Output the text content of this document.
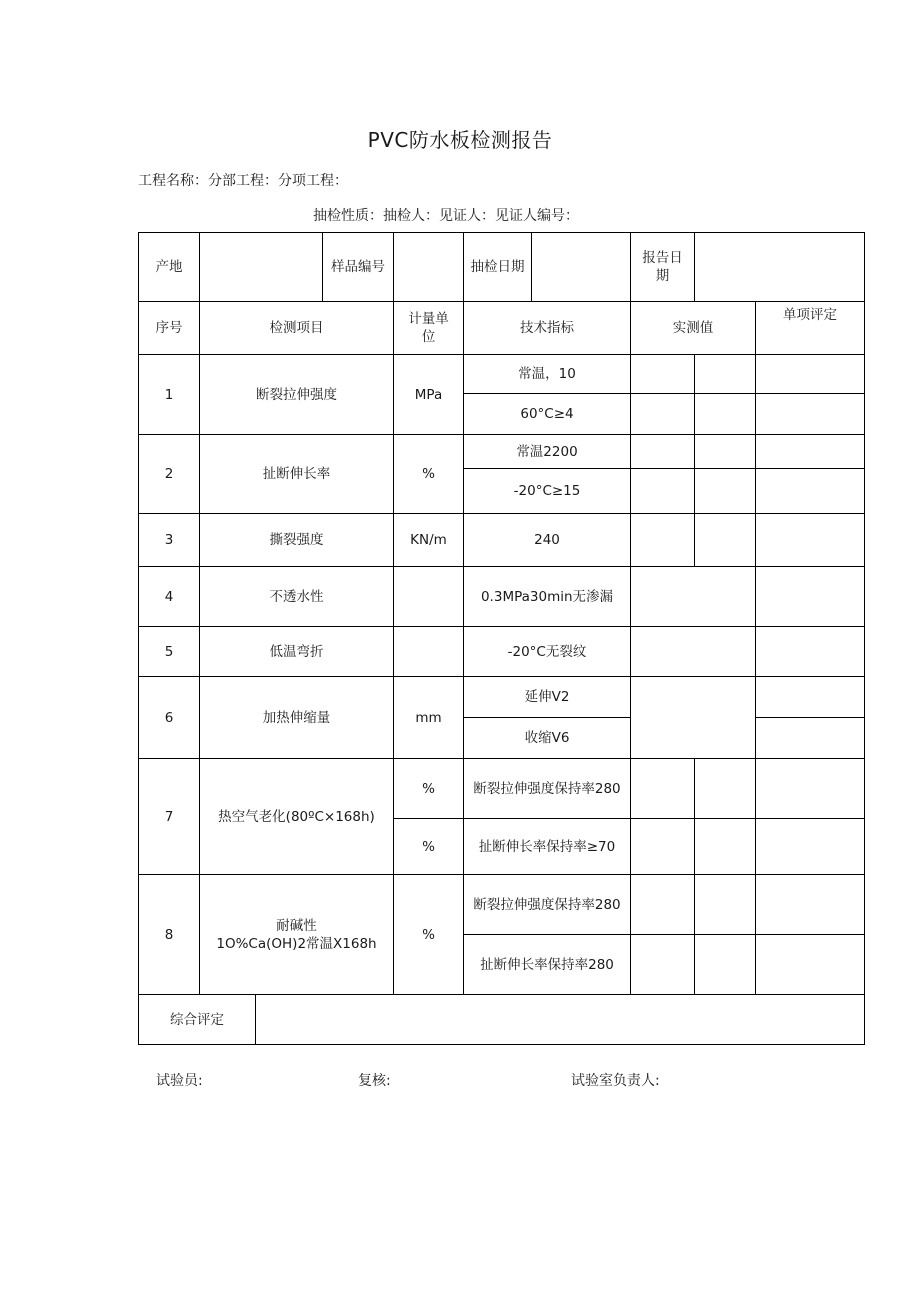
PVC防水板检测报告
工程名称：分部工程：分项工程：
抽检性质：抽检人：见证人：见证人编号：
产地			样品编号		抽检日期		报告日
期		
序号	检测项目			计量单
位	技术指标		实测值		单项评定
1	断裂拉伸强度			MPa	常温，10				
					60°C≥4				
2	扯断伸长率			%	常温2200				
					-20°C≥15				
3	撕裂强度			KN/m	240				
4	不透水性				0.3MPa30min无渗漏				
5	低温弯折				-20°C无裂纹				
6	加热伸缩量			mm	延伸V2				
					收缩V6				
7	热空气老化(80ºC×168h)			%	断裂拉伸强度保持率280				
				%	扯断伸长率保持率≥70				
8	耐碱性
1O%Ca(OH)2常温X168h			%	断裂拉伸强度保持率280				
					扯断伸长率保持率280				
综合评定									
试验员:	复核:	试验室负责人:
